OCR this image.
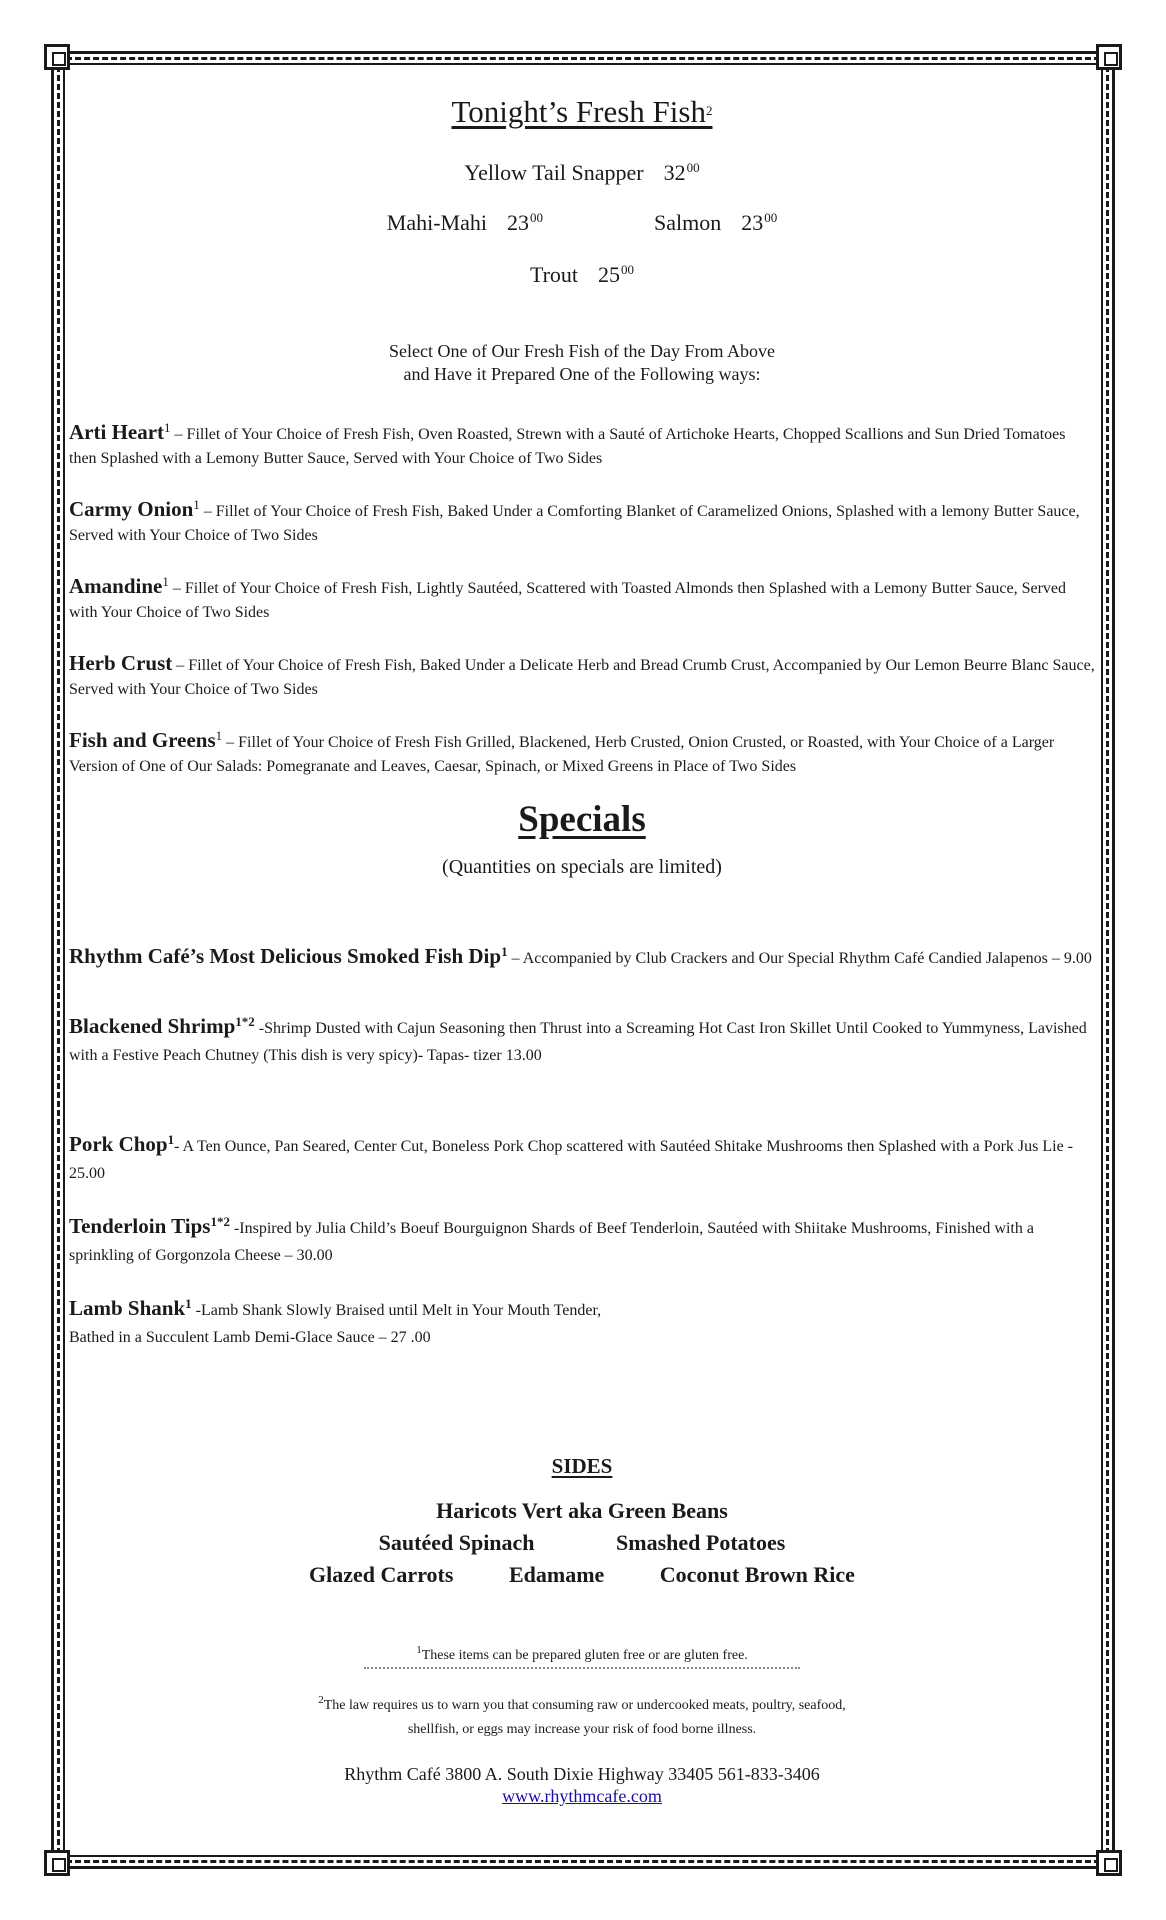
Tonight’s Fresh Fish$^2$
Yellow Tail Snapper $32^{00}$
Mahi-Mahi $23^{00}$	Salmon $23^{00}$
Trout $25^{00}$
Select One of Our Fresh Fish of the Day From Above
and Have it Prepared One of the Following ways:

Arti Heart$^1$ – Fillet of Your Choice of Fresh Fish, Oven Roasted, Strewn with a Sauté of Artichoke Hearts, Chopped Scallions and Sun Dried Tomatoes then Splashed with a Lemony Butter Sauce, Served with Your Choice of Two Sides

Carmy Onion$^1$ – Fillet of Your Choice of Fresh Fish, Baked Under a Comforting Blanket of Caramelized Onions, Splashed with a lemony Butter Sauce, Served with Your Choice of Two Sides

Amandine$^1$ – Fillet of Your Choice of Fresh Fish, Lightly Sautéed, Scattered with Toasted Almonds then Splashed with a Lemony Butter Sauce, Served with Your Choice of Two Sides

Herb Crust – Fillet of Your Choice of Fresh Fish, Baked Under a Delicate Herb and Bread Crumb Crust, Accompanied by Our Lemon Beurre Blanc Sauce, Served with Your Choice of Two Sides

Fish and Greens$^1$ – Fillet of Your Choice of Fresh Fish Grilled, Blackened, Herb Crusted, Onion Crusted, or Roasted, with Your Choice of a Larger Version of One of Our Salads: Pomegranate and Leaves, Caesar, Spinach, or Mixed Greens in Place of Two Sides

Specials
(Quantities on specials are limited)

Rhythm Café’s Most Delicious Smoked Fish Dip$^1$ – Accompanied by Club Crackers and Our Special Rhythm Café Candied Jalapenos – 9.00

Blackened Shrimp$^{1*2}$ -Shrimp Dusted with Cajun Seasoning then Thrust into a Screaming Hot Cast Iron Skillet Until Cooked to Yummyness, Lavished with a Festive Peach Chutney (This dish is very spicy)- Tapas- tizer 13.00

Pork Chop$^1$- A Ten Ounce, Pan Seared, Center Cut, Boneless Pork Chop scattered with Sautéed Shitake Mushrooms then Splashed with a Pork Jus Lie - 25.00

Tenderloin Tips$^{1*2}$ -Inspired by Julia Child’s Boeuf Bourguignon Shards of Beef Tenderloin, Sautéed with Shiitake Mushrooms, Finished with a sprinkling of Gorgonzola Cheese – 30.00

Lamb Shank$^1$ -Lamb Shank Slowly Braised until Melt in Your Mouth Tender,
Bathed in a Succulent Lamb Demi-Glace Sauce – 27 .00
SIDES
Haricots Vert aka Green Beans
Sautéed Spinach	Smashed Potatoes
Glazed Carrots	Edamame	Coconut Brown Rice
$^1$These items can be prepared gluten free or are gluten free.
$^2$The law requires us to warn you that consuming raw or undercooked meats, poultry, seafood,
shellfish, or eggs may increase your risk of food borne illness.
Rhythm Café 3800 A. South Dixie Highway 33405 561-833-3406
www.rhythmcafe.com
